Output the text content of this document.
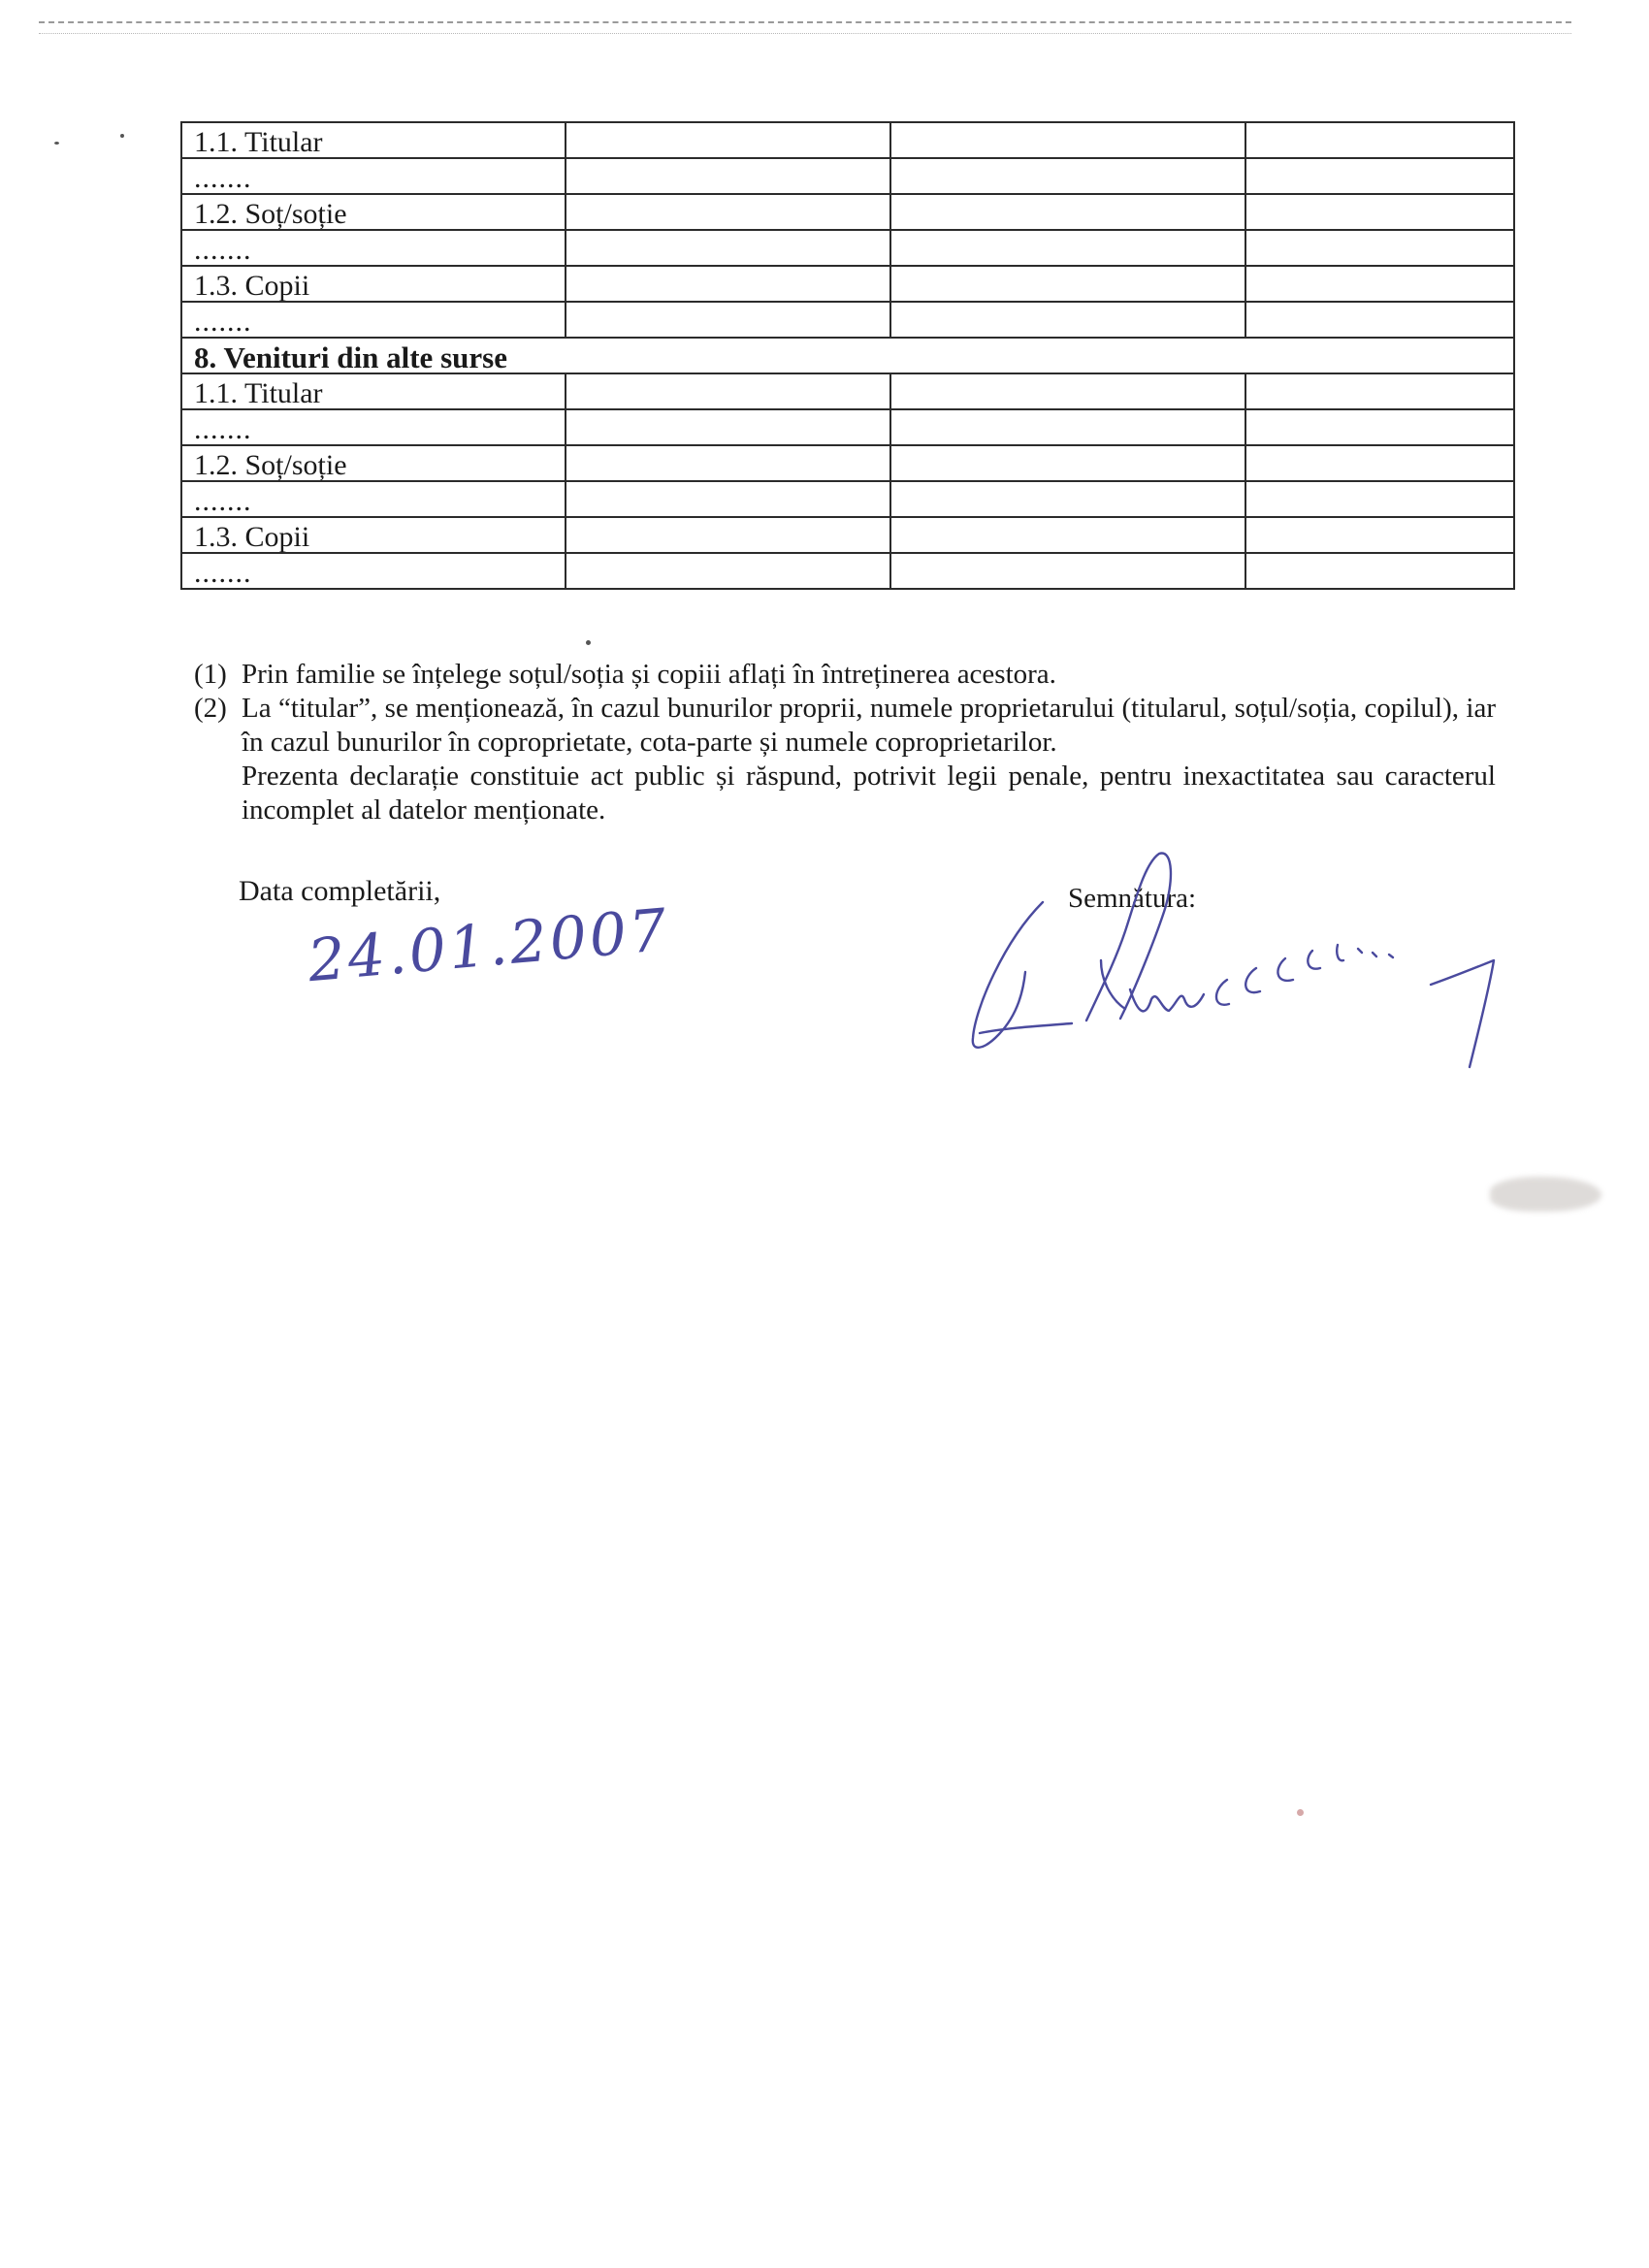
1.1. Titular			
.......			
1.2. Soț/soție			
.......			
1.3. Copii			
.......			
8. Venituri din alte surse			
1.1. Titular			
.......			
1.2. Soț/soție			
.......			
1.3. Copii			
.......			
(1) Prin familie se înțelege soțul/soția și copiii aflați în întreținerea acestora.
(2) La “titular”, se menționează, în cazul bunurilor proprii, numele proprietarului (titularul, soțul/soția, copilul), iar în cazul bunurilor în coproprietate, cota-parte și numele coproprietarilor.
Prezenta declarație constituie act public și răspund, potrivit legii penale, pentru inexactitatea sau caracterul incomplet al datelor menționate.
Data completării,
24.01.2007	Semnătura:
